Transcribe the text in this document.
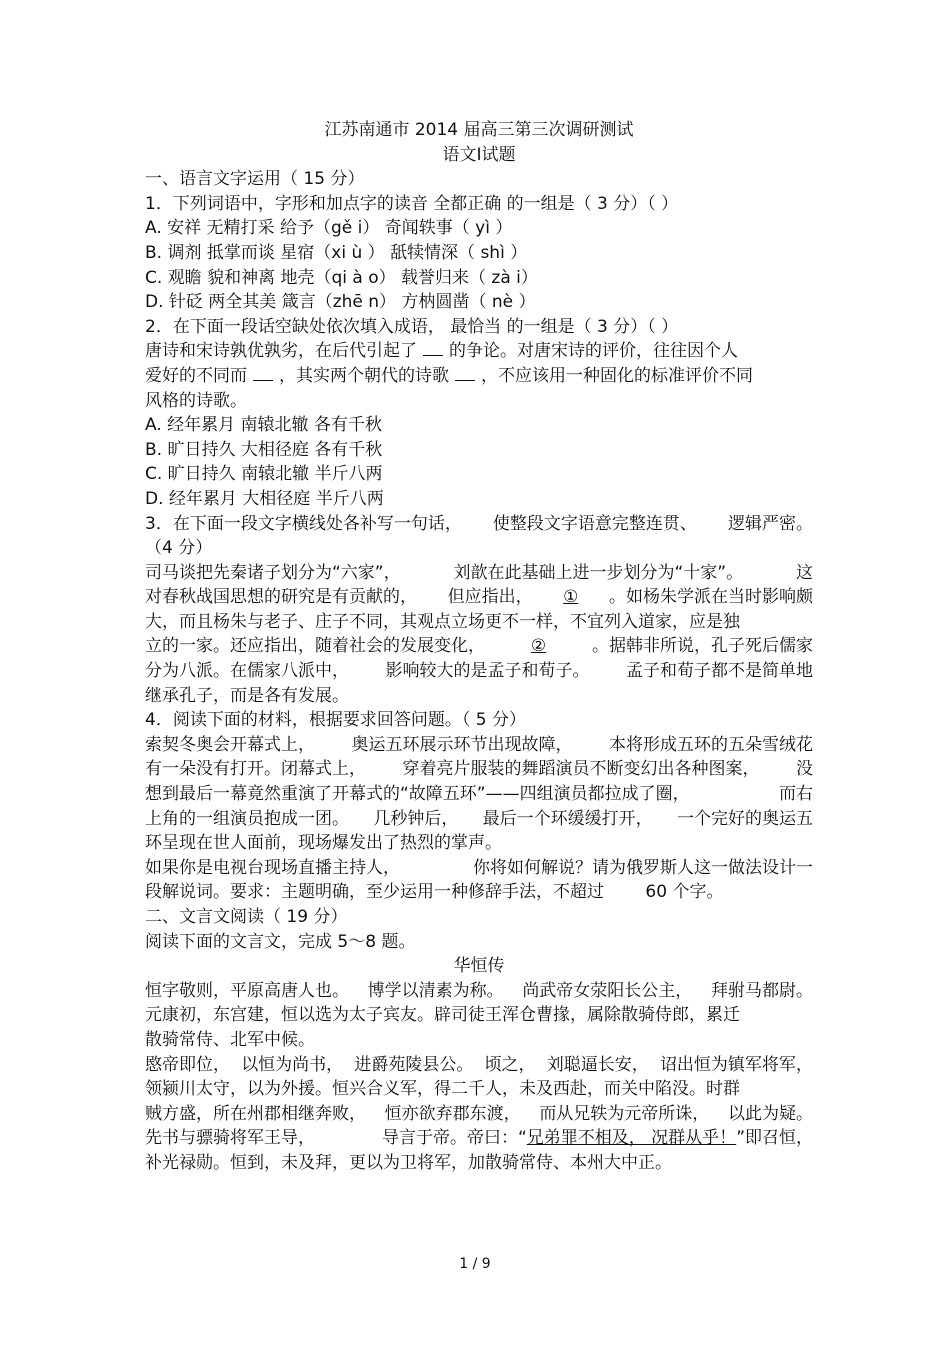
江苏南通市 2014 届高三第三次调研测试
语文Ⅰ试题
一、语言文字运用（ 15 分）
1．下列词语中，字形和加点字的读音 全都正确 的一组是（ 3 分）（ ）
A. 安祥 无精打采 给予（gě i） 奇闻轶事（ yì ）
B. 调剂 抵掌而谈 星宿（xi ù ） 舐犊情深（ shì ）
C. 观瞻 貌和神离 地壳（qi à o） 载誉归来（ zà i）
D. 针砭 两全其美 箴言（zhē n） 方枘圆凿（ nè ）
2．在下面一段话空缺处依次填入成语， 最恰当 的一组是（ 3 分）（ ）
唐诗和宋诗孰优孰劣，在后代引起了 的争论。对唐宋诗的评价，往往因个人
爱好的不同而 ，其实两个朝代的诗歌 ，不应该用一种固化的标准评价不同
风格的诗歌。
A. 经年累月 南辕北辙 各有千秋
B. 旷日持久 大相径庭 各有千秋
C. 旷日持久 南辕北辙 半斤八两
D. 经年累月 大相径庭 半斤八两
3．在下面一段文字横线处各补写一句话， 使整段文字语意完整连贯、 逻辑严密。
（4 分）
司马谈把先秦诸子划分为“六家”，	刘歆在此基础上进一步划分为“十家”。	这
对春秋战国思想的研究是有贡献的， 但应指出， ① 。如杨朱学派在当时影响颇
大，而且杨朱与老子、庄子不同，其观点立场更不一样，不宜列入道家，应是独
立的一家。还应指出，随着社会的发展变化，	②	。据韩非所说，孔子死后儒家
分为八派。在儒家八派中， 影响较大的是孟子和荀子。 孟子和荀子都不是简单地
继承孔子，而是各有发展。
4．阅读下面的材料，根据要求回答问题。（ 5 分）
索契冬奥会开幕式上， 奥运五环展示环节出现故障， 本将形成五环的五朵雪绒花
有一朵没有打开。闭幕式上， 穿着亮片服装的舞蹈演员不断变幻出各种图案， 没
想到最后一幕竟然重演了开幕式的“故障五环”——四组演员都拉成了圈，	而右
上角的一组演员抱成一团。 几秒钟后， 最后一个环缓缓打开， 一个完好的奥运五
环呈现在世人面前，现场爆发出了热烈的掌声。
如果你是电视台现场直播主持人，	你将如何解说？请为俄罗斯人这一做法设计一
段解说词。要求：主题明确，至少运用一种修辞手法，不超过 60 个字。
二、文言文阅读（ 19 分）
阅读下面的文言文，完成 5～8 题。
华恒传
恒字敬则，平原高唐人也。 博学以清素为称。 尚武帝女荥阳长公主， 拜驸马都尉。
元康初，东宫建，恒以选为太子宾友。辟司徒王浑仓曹掾，属除散骑侍郎，累迁
散骑常侍、北军中候。
愍帝即位， 以恒为尚书， 进爵苑陵县公。 顷之， 刘聪逼长安， 诏出恒为镇军将军，
领颍川太守，以为外援。恒兴合义军，得二千人，未及西赴，而关中陷没。时群
贼方盛，所在州郡相继奔败， 恒亦欲弃郡东渡， 而从兄轶为元帝所诛， 以此为疑。
先书与骠骑将军王导，	导言于帝。帝曰：“兄弟罪不相及， 况群从乎！”即召恒，
补光禄勋。恒到，未及拜，更以为卫将军，加散骑常侍、本州大中正。
1 / 9
